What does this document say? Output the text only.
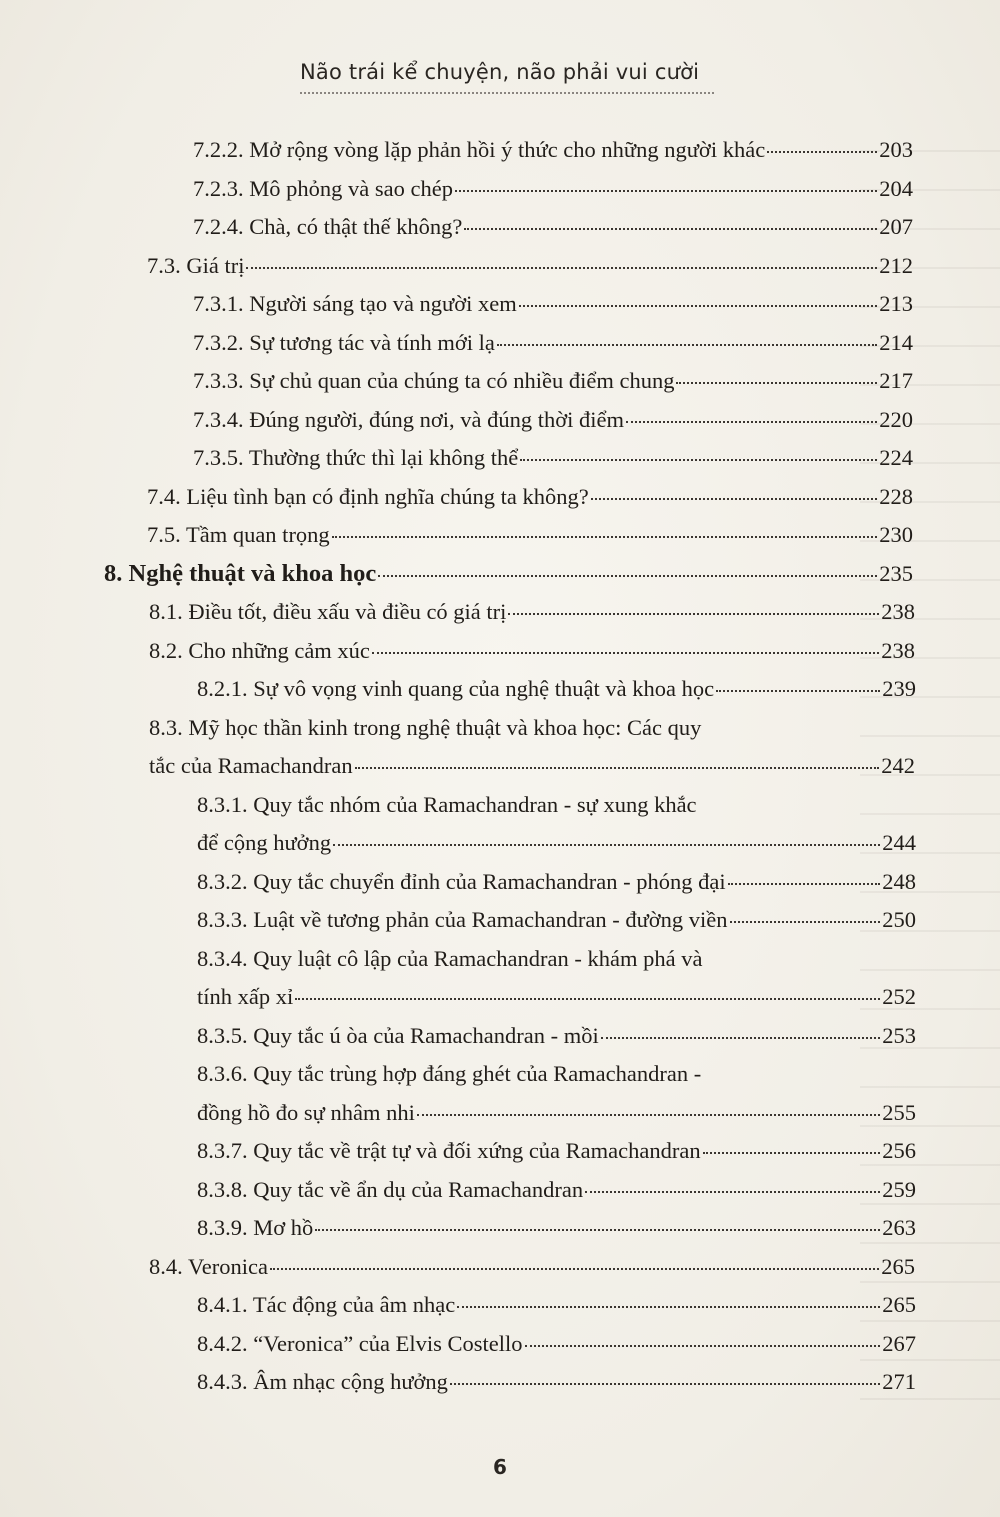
Não trái kể chuyện, não phải vui cười
7.2.2. Mở rộng vòng lặp phản hồi ý thức cho những người khác	203
7.2.3. Mô phỏng và sao chép	204
7.2.4. Chà, có thật thế không?	207
7.3. Giá trị	212
7.3.1. Người sáng tạo và người xem	213
7.3.2. Sự tương tác và tính mới lạ	214
7.3.3. Sự chủ quan của chúng ta có nhiều điểm chung	217
7.3.4. Đúng người, đúng nơi, và đúng thời điểm	220
7.3.5. Thường thức thì lại không thể	224
7.4. Liệu tình bạn có định nghĩa chúng ta không?	228
7.5. Tầm quan trọng	230
8. Nghệ thuật và khoa học	235
8.1. Điều tốt, điều xấu và điều có giá trị	238
8.2. Cho những cảm xúc	238
8.2.1. Sự vô vọng vinh quang của nghệ thuật và khoa học	239
8.3. Mỹ học thần kinh trong nghệ thuật và khoa học: Các quy
tắc của Ramachandran	242
8.3.1. Quy tắc nhóm của Ramachandran - sự xung khắc
để cộng hưởng	244
8.3.2. Quy tắc chuyển đỉnh của Ramachandran - phóng đại	248
8.3.3. Luật về tương phản của Ramachandran - đường viền	250
8.3.4. Quy luật cô lập của Ramachandran - khám phá và
tính xấp xỉ	252
8.3.5. Quy tắc ú òa của Ramachandran - mồi	253
8.3.6. Quy tắc trùng hợp đáng ghét của Ramachandran -
đồng hồ đo sự nhâm nhi	255
8.3.7. Quy tắc về trật tự và đối xứng của Ramachandran	256
8.3.8. Quy tắc về ẩn dụ của Ramachandran	259
8.3.9. Mơ hồ	263
8.4. Veronica	265
8.4.1. Tác động của âm nhạc	265
8.4.2. “Veronica” của Elvis Costello	267
8.4.3. Âm nhạc cộng hưởng	271
6
